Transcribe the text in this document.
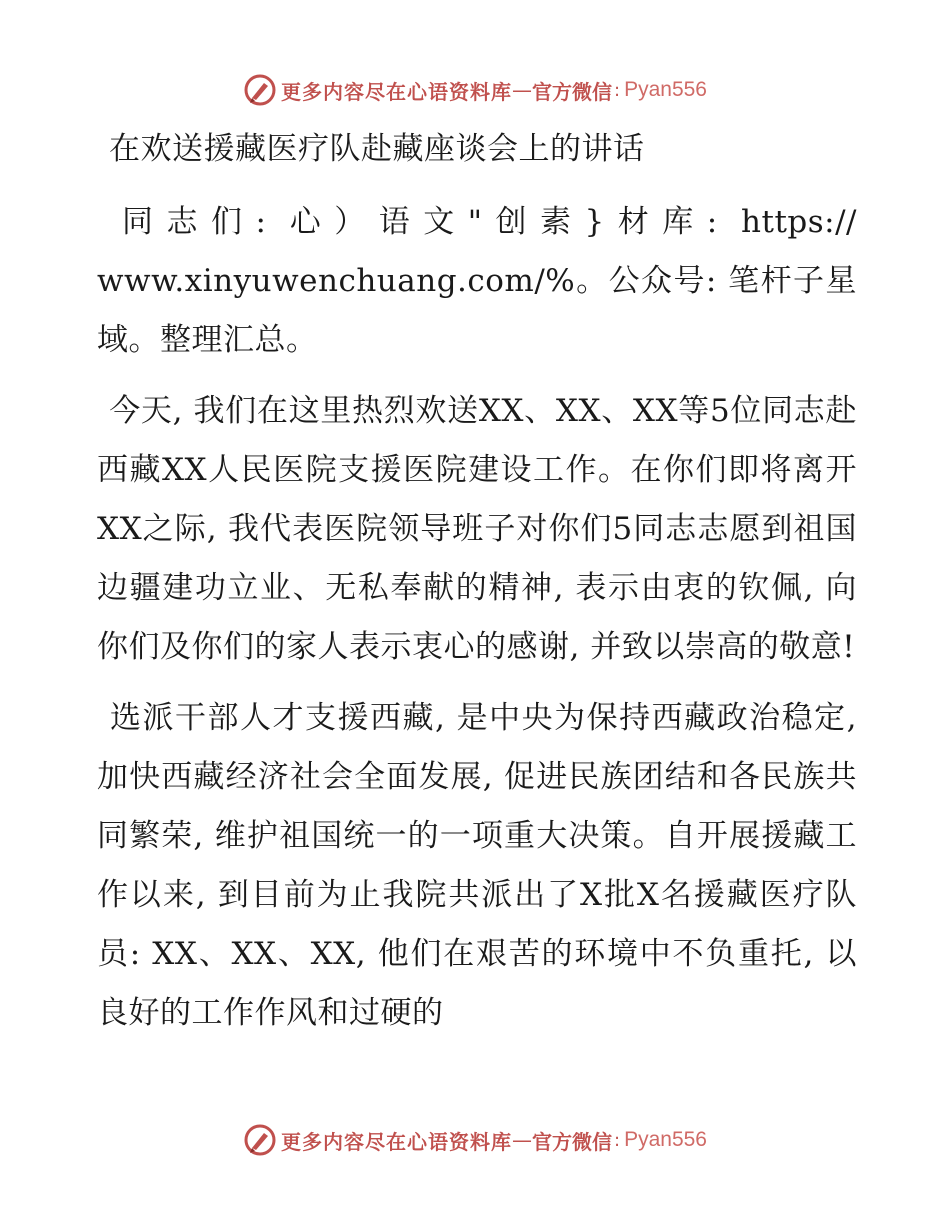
更多内容尽在心语资料库 — 官方微信 : Pyan556

在欢送援藏医疗队赴藏座谈会上的讲话

同志们: 心）语文"创素}材库: https:// www.xinyuwenchuang.com/%。公众号: 笔杆子星域。整理汇总。

今天, 我们在这里热烈欢送XX、XX、XX等5位同志赴西藏XX人民医院支援医院建设工作。在你们即将离开XX之际, 我代表医院领导班子对你们5同志志愿到祖国边疆建功立业、无私奉献的精神, 表示由衷的钦佩, 向你们及你们的家人表示衷心的感谢, 并致以崇高的敬意!

选派干部人才支援西藏, 是中央为保持西藏政治稳定, 加快西藏经济社会全面发展, 促进民族团结和各民族共同繁荣, 维护祖国统一的一项重大决策。自开展援藏工作以来, 到目前为止我院共派出了X批X名援藏医疗队员: XX、XX、XX, 他们在艰苦的环境中不负重托, 以良好的工作作风和过硬的

更多内容尽在心语资料库 — 官方微信 : Pyan556
